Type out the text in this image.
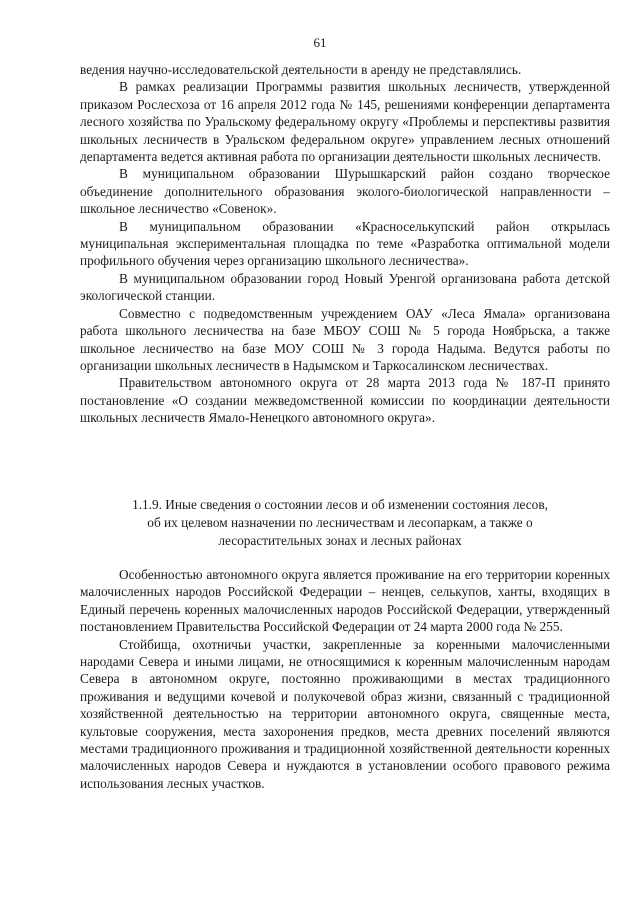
61

ведения научно-исследовательской деятельности в аренду не представлялись.

В рамках реализации Программы развития школьных лесничеств, утвержденной приказом Рослесхоза от 16 апреля 2012 года № 145, решениями конференции департамента лесного хозяйства по Уральскому федеральному округу «Проблемы и перспективы развития школьных лесничеств в Уральском федеральном округе» управлением лесных отношений департамента ведется активная работа по организации деятельности школьных лесничеств.

В муниципальном образовании Шурышкарский район создано творческое объединение дополнительного образования эколого-биологической направленности – школьное лесничество «Совенок».

В муниципальном образовании «Красноселькупский район открылась муниципальная экспериментальная площадка по теме «Разработка оптимальной модели профильного обучения через организацию школьного лесничества».

В муниципальном образовании город Новый Уренгой организована работа детской экологической станции.

Совместно с подведомственным учреждением ОАУ «Леса Ямала» организована работа школьного лесничества на базе МБОУ СОШ № 5 города Ноябрьска, а также школьное лесничество на базе МОУ СОШ № 3 города Надыма. Ведутся работы по организации школьных лесничеств в Надымском и Таркосалинском лесничествах.

Правительством автономного округа от 28 марта 2013 года № 187-П принято постановление «О создании межведомственной комиссии по координации деятельности школьных лесничеств Ямало-Ненецкого автономного округа».

1.1.9. Иные сведения о состоянии лесов и об изменении состояния лесов,
об их целевом назначении по лесничествам и лесопаркам, а также о
лесорастительных зонах и лесных районах

Особенностью автономного округа является проживание на его территории коренных малочисленных народов Российской Федерации – ненцев, селькупов, ханты, входящих в Единый перечень коренных малочисленных народов Российской Федерации, утвержденный постановлением Правительства Российской Федерации от 24 марта 2000 года № 255.

Стойбища, охотничьи участки, закрепленные за коренными малочисленными народами Севера и иными лицами, не относящимися к коренным малочисленным народам Севера в автономном округе, постоянно проживающими в местах традиционного проживания и ведущими кочевой и полукочевой образ жизни, связанный с традиционной хозяйственной деятельностью на территории автономного округа, священные места, культовые сооружения, места захоронения предков, места древних поселений являются местами традиционного проживания и традиционной хозяйственной деятельности коренных малочисленных народов Севера и нуждаются в установлении особого правового режима использования лесных участков.
